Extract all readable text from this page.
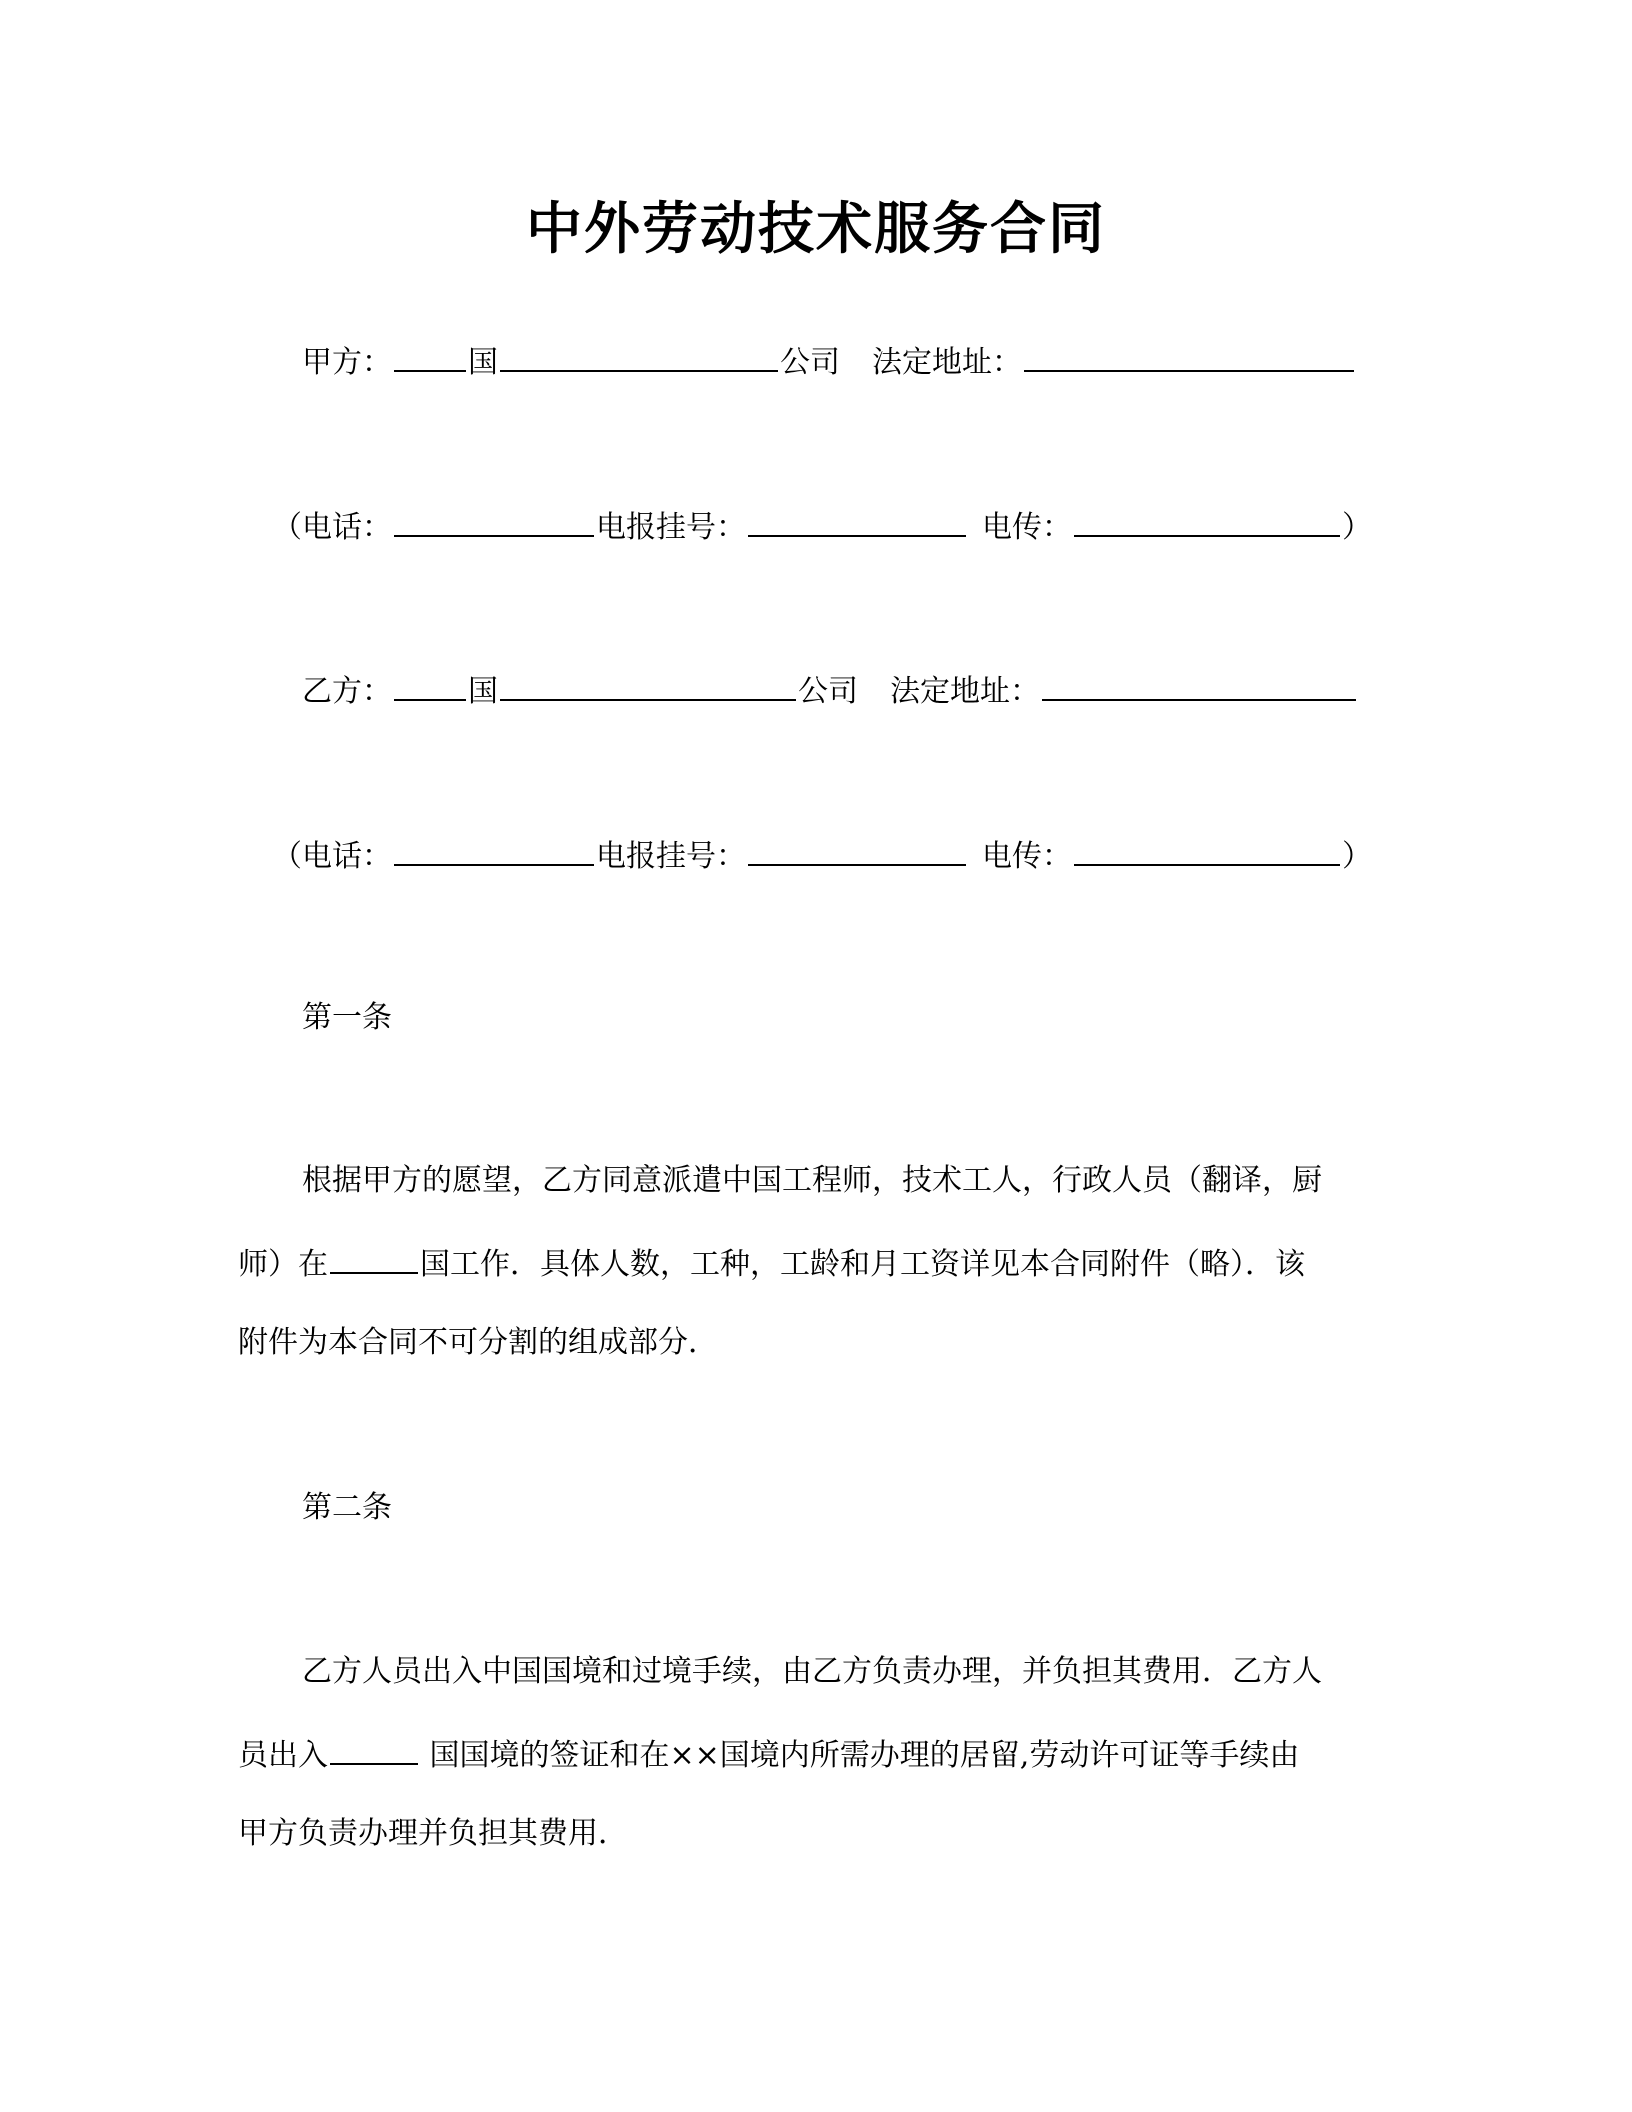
中外劳动技术服务合同
甲方：	国	公司 法定地址：
（电话：	电报挂号：	电传：	）
乙方：	国	公司 法定地址：
（电话：	电报挂号：	电传：	）
第一条
根据甲方的愿望，乙方同意派遣中国工程师，技术工人，行政人员（翻译，厨
师）在	国工作．具体人数，工种，工龄和月工资详见本合同附件（略）．该
附件为本合同不可分割的组成部分．
第二条
乙方人员出入中国国境和过境手续，由乙方负责办理，并负担其费用．乙方人
员出入	国国境的签证和在××国境内所需办理的居留,劳动许可证等手续由
甲方负责办理并负担其费用．
